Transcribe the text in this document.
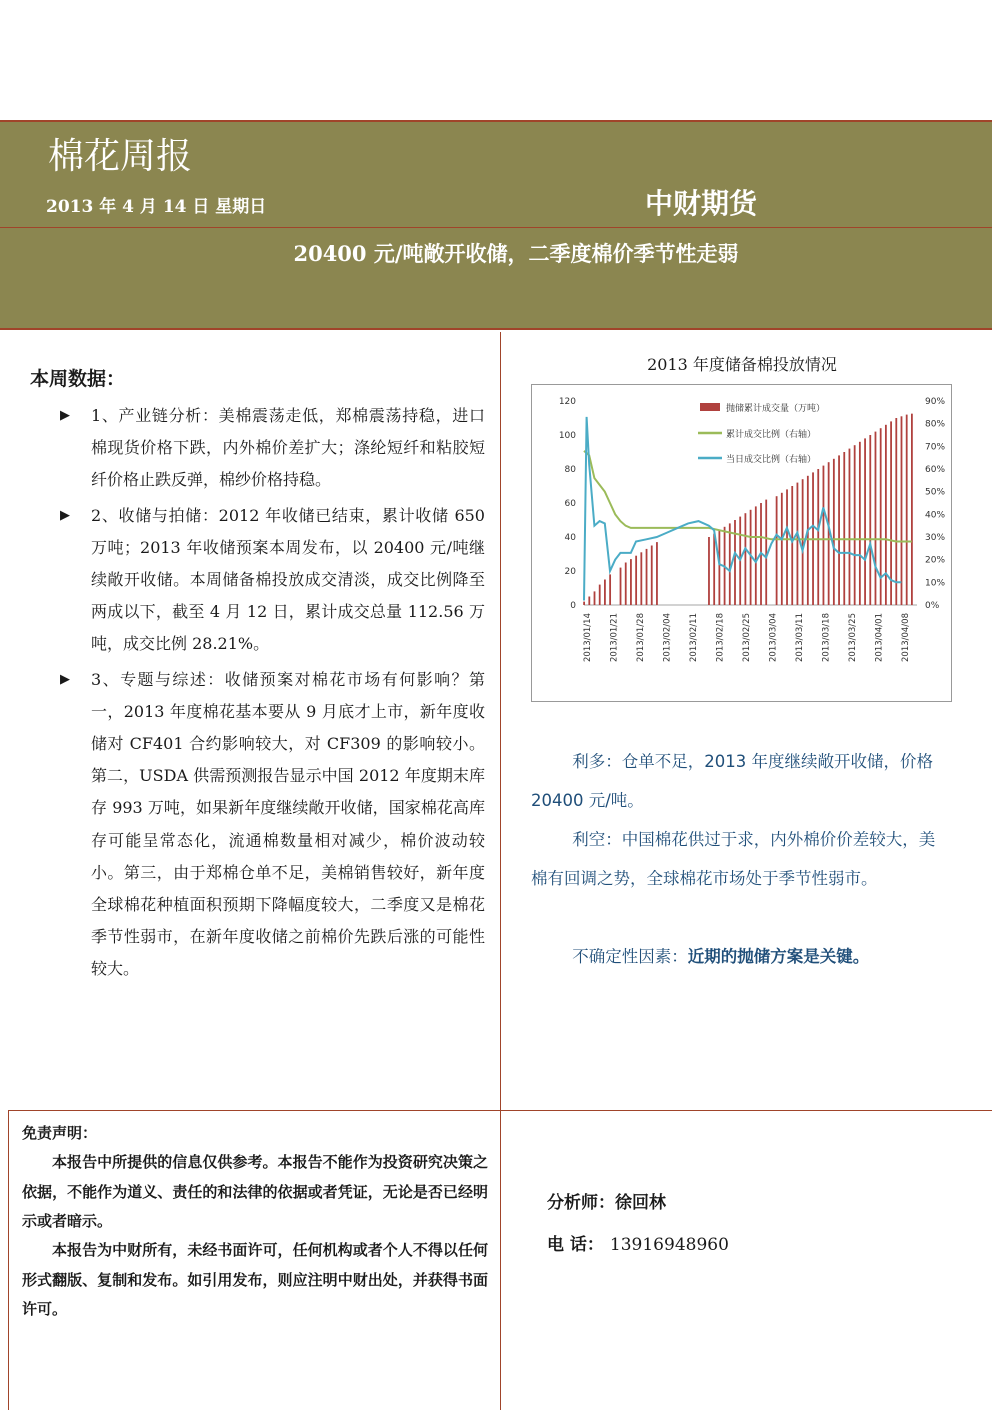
棉花周报
2013 年 4 月 14 日 星期日	中财期货
20400 元/吨敞开收储，二季度棉价季节性走弱
本周数据：
▶ 1、产业链分析：美棉震荡走低，郑棉震荡持稳，进口棉现货价格下跌，内外棉价差扩大；涤纶短纤和粘胶短纤价格止跌反弹，棉纱价格持稳。
▶ 2、收储与拍储：2012 年收储已结束，累计收储 650 万吨；2013 年收储预案本周发布，以 20400 元/吨继续敞开收储。本周储备棉投放成交清淡，成交比例降至两成以下，截至 4 月 12 日，累计成交总量 112.56 万吨，成交比例 28.21%。
▶ 3、专题与综述：收储预案对棉花市场有何影响？第一，2013 年度棉花基本要从 9 月底才上市，新年度收储对 CF401 合约影响较大，对 CF309 的影响较小。第二，USDA 供需预测报告显示中国 2012 年度期末库存 993 万吨，如果新年度继续敞开收储，国家棉花高库存可能呈常态化，流通棉数量相对减少，棉价波动较小。第三，由于郑棉仓单不足，美棉销售较好，新年度全球棉花种植面积预期下降幅度较大，二季度又是棉花季节性弱市，在新年度收储之前棉价先跌后涨的可能性较大。
2013 年度储备棉投放情况
0
20
40
60
80
100
120
0%
10%
20%
30%
40%
50%
60%
70%
80%
90%
2013/01/14 2013/01/21 2013/01/28 2013/02/04 2013/02/11 2013/02/18 2013/02/25 2013/03/04 2013/03/11 2013/03/18 2013/03/25 2013/04/01 2013/04/08
抛储累计成交量（万吨）
累计成交比例（右轴）
当日成交比例（右轴）
利多：仓单不足，2013 年度继续敞开收储，价格 20400 元/吨。
利空：中国棉花供过于求，内外棉价价差较大，美棉有回调之势，全球棉花市场处于季节性弱市。
不确定性因素：近期的抛储方案是关键。
免责声明：
本报告中所提供的信息仅供参考。本报告不能作为投资研究决策之依据，不能作为道义、责任的和法律的依据或者凭证，无论是否已经明示或者暗示。
本报告为中财所有，未经书面许可，任何机构或者个人不得以任何形式翻版、复制和发布。如引用发布，则应注明中财出处，并获得书面许可。
分析师：徐回林
电 话： 13916948960
